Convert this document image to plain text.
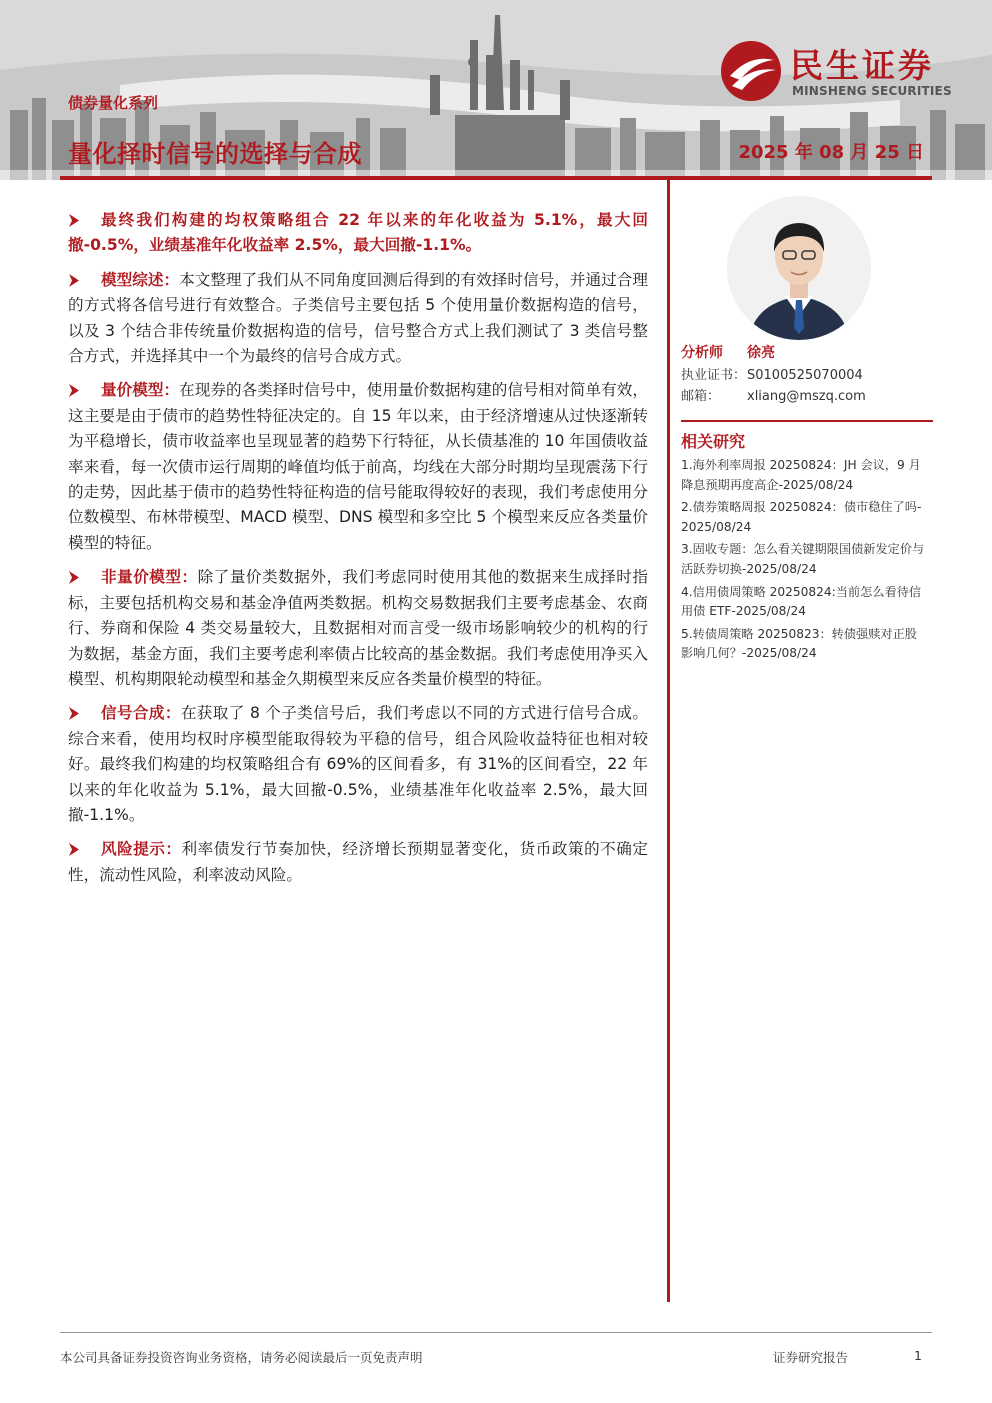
债券量化系列
量化择时信号的选择与合成	2025 年 08 月 25 日
民生证券
MINSHENG SECURITIES

最终我们构建的均权策略组合 22 年以来的年化收益为 5.1%，最大回撤-0.5%，业绩基准年化收益率 2.5%，最大回撤-1.1%。

模型综述：本文整理了我们从不同角度回测后得到的有效择时信号，并通过合理的方式将各信号进行有效整合。子类信号主要包括 5 个使用量价数据构造的信号，以及 3 个结合非传统量价数据构造的信号，信号整合方式上我们测试了 3 类信号整合方式，并选择其中一个为最终的信号合成方式。

量价模型：在现券的各类择时信号中，使用量价数据构建的信号相对简单有效，这主要是由于债市的趋势性特征决定的。自 15 年以来，由于经济增速从过快逐渐转为平稳增长，债市收益率也呈现显著的趋势下行特征，从长债基准的 10 年国债收益率来看，每一次债市运行周期的峰值均低于前高，均线在大部分时期均呈现震荡下行的走势，因此基于债市的趋势性特征构造的信号能取得较好的表现，我们考虑使用分位数模型、布林带模型、MACD 模型、DNS 模型和多空比 5 个模型来反应各类量价模型的特征。

非量价模型：除了量价类数据外，我们考虑同时使用其他的数据来生成择时指标，主要包括机构交易和基金净值两类数据。机构交易数据我们主要考虑基金、农商行、券商和保险 4 类交易量较大，且数据相对而言受一级市场影响较少的机构的行为数据，基金方面，我们主要考虑利率债占比较高的基金数据。我们考虑使用净买入模型、机构期限轮动模型和基金久期模型来反应各类量价模型的特征。

信号合成：在获取了 8 个子类信号后，我们考虑以不同的方式进行信号合成。综合来看，使用均权时序模型能取得较为平稳的信号，组合风险收益特征也相对较好。最终我们构建的均权策略组合有 69%的区间看多，有 31%的区间看空，22 年以来的年化收益为 5.1%，最大回撤-0.5%，业绩基准年化收益率 2.5%，最大回撤-1.1%。

风险提示：利率债发行节奏加快，经济增长预期显著变化，货币政策的不确定性，流动性风险，利率波动风险。

分析师 徐亮
执业证书：S0100525070004
邮箱： xliang@mszq.com
相关研究
1.海外利率周报 20250824：JH 会议，9 月降息预期再度高企-2025/08/24
2.债券策略周报 20250824：债市稳住了吗-2025/08/24
3.固收专题：怎么看关键期限国债新发定价与活跃券切换-2025/08/24
4.信用债周策略 20250824:当前怎么看待信用债 ETF-2025/08/24
5.转债周策略 20250823：转债强赎对正股影响几何？-2025/08/24
本公司具备证券投资咨询业务资格，请务必阅读最后一页免责声明	证券研究报告	1
